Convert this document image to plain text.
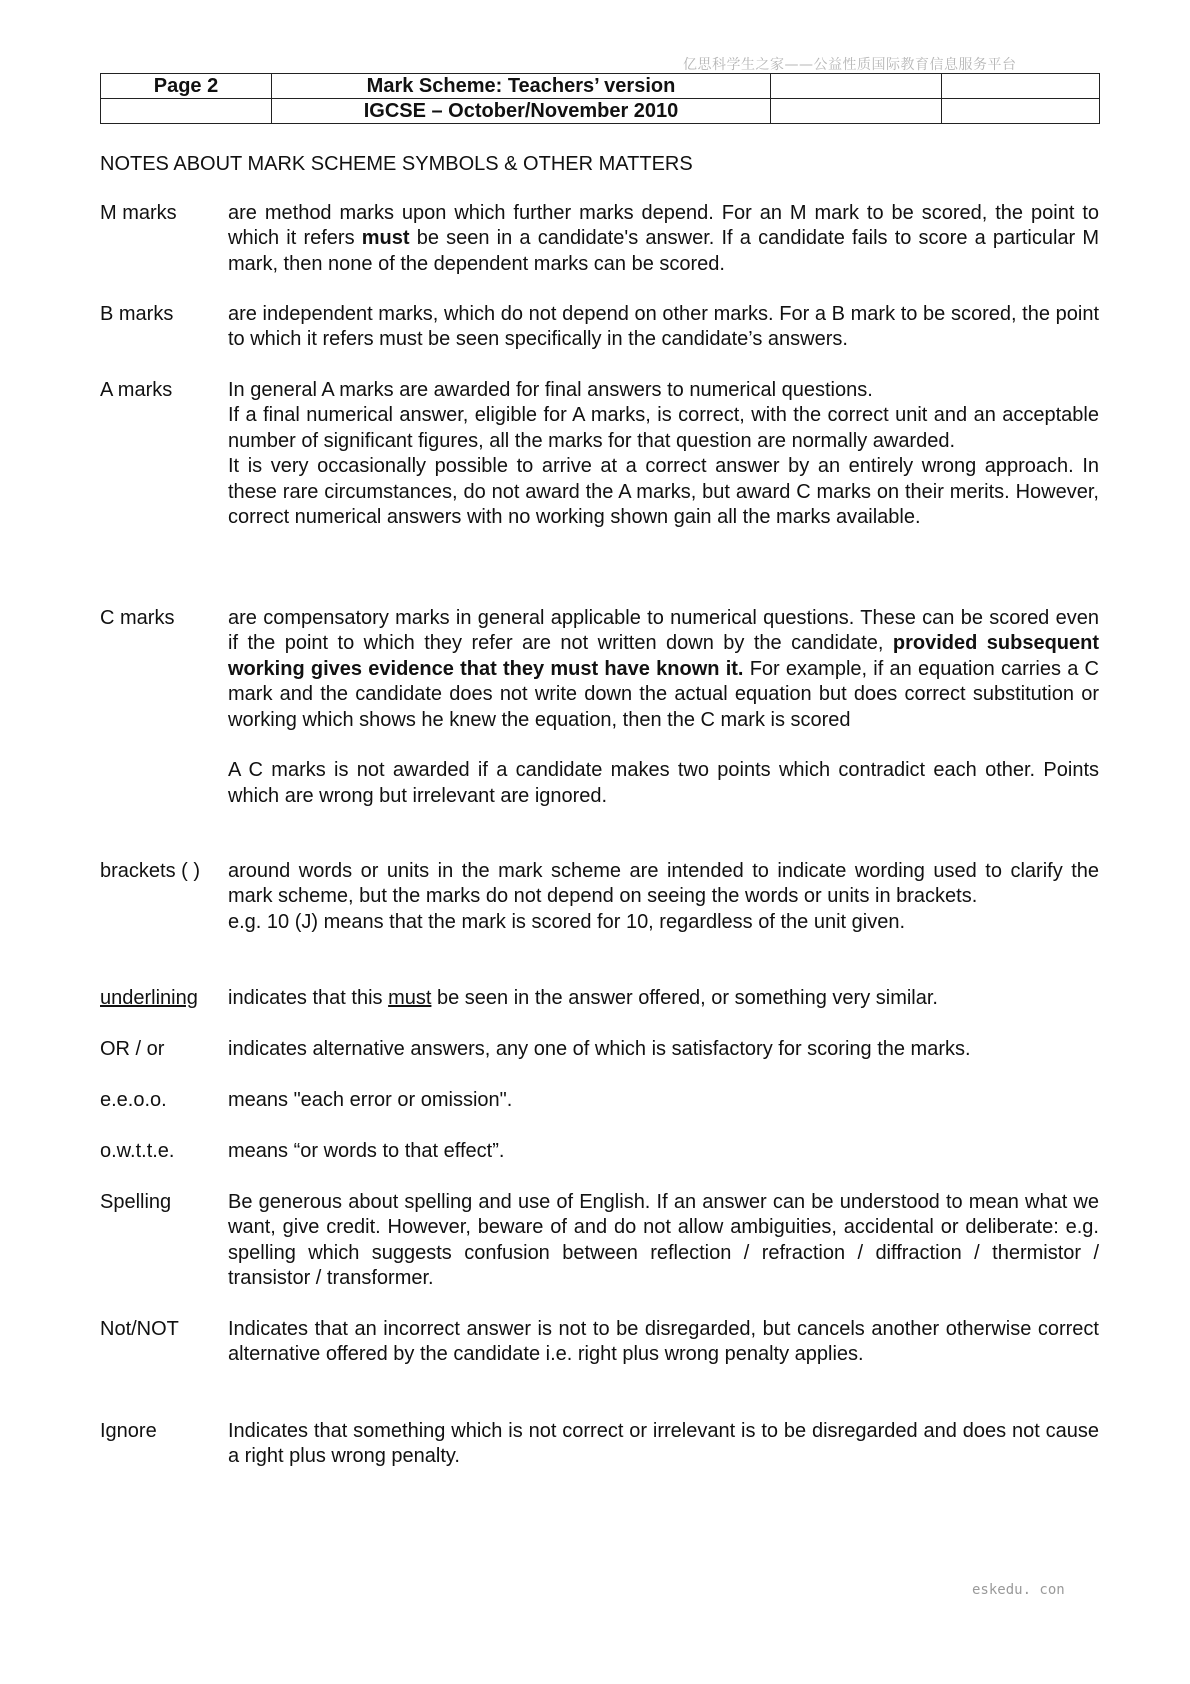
亿思科学生之家——公益性质国际教育信息服务平台
Page 2	Mark Scheme: Teachers’ version		
	IGCSE – October/November 2010		
NOTES ABOUT MARK SCHEME SYMBOLS & OTHER MATTERS
M marks	are method marks upon which further marks depend. For an M mark to be scored, the point to which it refers must be seen in a candidate's answer. If a candidate fails to score a particular M mark, then none of the dependent marks can be scored.
B marks	are independent marks, which do not depend on other marks. For a B mark to be scored, the point to which it refers must be seen specifically in the candidate’s answers.
A marks	In general A marks are awarded for final answers to numerical questions.

If a final numerical answer, eligible for A marks, is correct, with the correct unit and an acceptable number of significant figures, all the marks for that question are normally awarded.

It is very occasionally possible to arrive at a correct answer by an entirely wrong approach. In these rare circumstances, do not award the A marks, but award C marks on their merits. However, correct numerical answers with no working shown gain all the marks available.

C marks	are compensatory marks in general applicable to numerical questions. These can be scored even if the point to which they refer are not written down by the candidate, provided subsequent working gives evidence that they must have known it. For example, if an equation carries a C mark and the candidate does not write down the actual equation but does correct substitution or working which shows he knew the equation, then the C mark is scored

A C marks is not awarded if a candidate makes two points which contradict each other. Points which are wrong but irrelevant are ignored.

brackets ( )	around words or units in the mark scheme are intended to indicate wording used to clarify the mark scheme, but the marks do not depend on seeing the words or units in brackets.

e.g. 10 (J) means that the mark is scored for 10, regardless of the unit given.

underlining	indicates that this must be seen in the answer offered, or something very similar.
OR / or	indicates alternative answers, any one of which is satisfactory for scoring the marks.
e.e.o.o.	means "each error or omission".
o.w.t.t.e.	means “or words to that effect”.
Spelling	Be generous about spelling and use of English. If an answer can be understood to mean what we want, give credit. However, beware of and do not allow ambiguities, accidental or deliberate: e.g. spelling which suggests confusion between reflection / refraction / diffraction / thermistor / transistor / transformer.
Not/NOT	Indicates that an incorrect answer is not to be disregarded, but cancels another otherwise correct alternative offered by the candidate i.e. right plus wrong penalty applies.
Ignore	Indicates that something which is not correct or irrelevant is to be disregarded and does not cause a right plus wrong penalty.
eskedu. con
